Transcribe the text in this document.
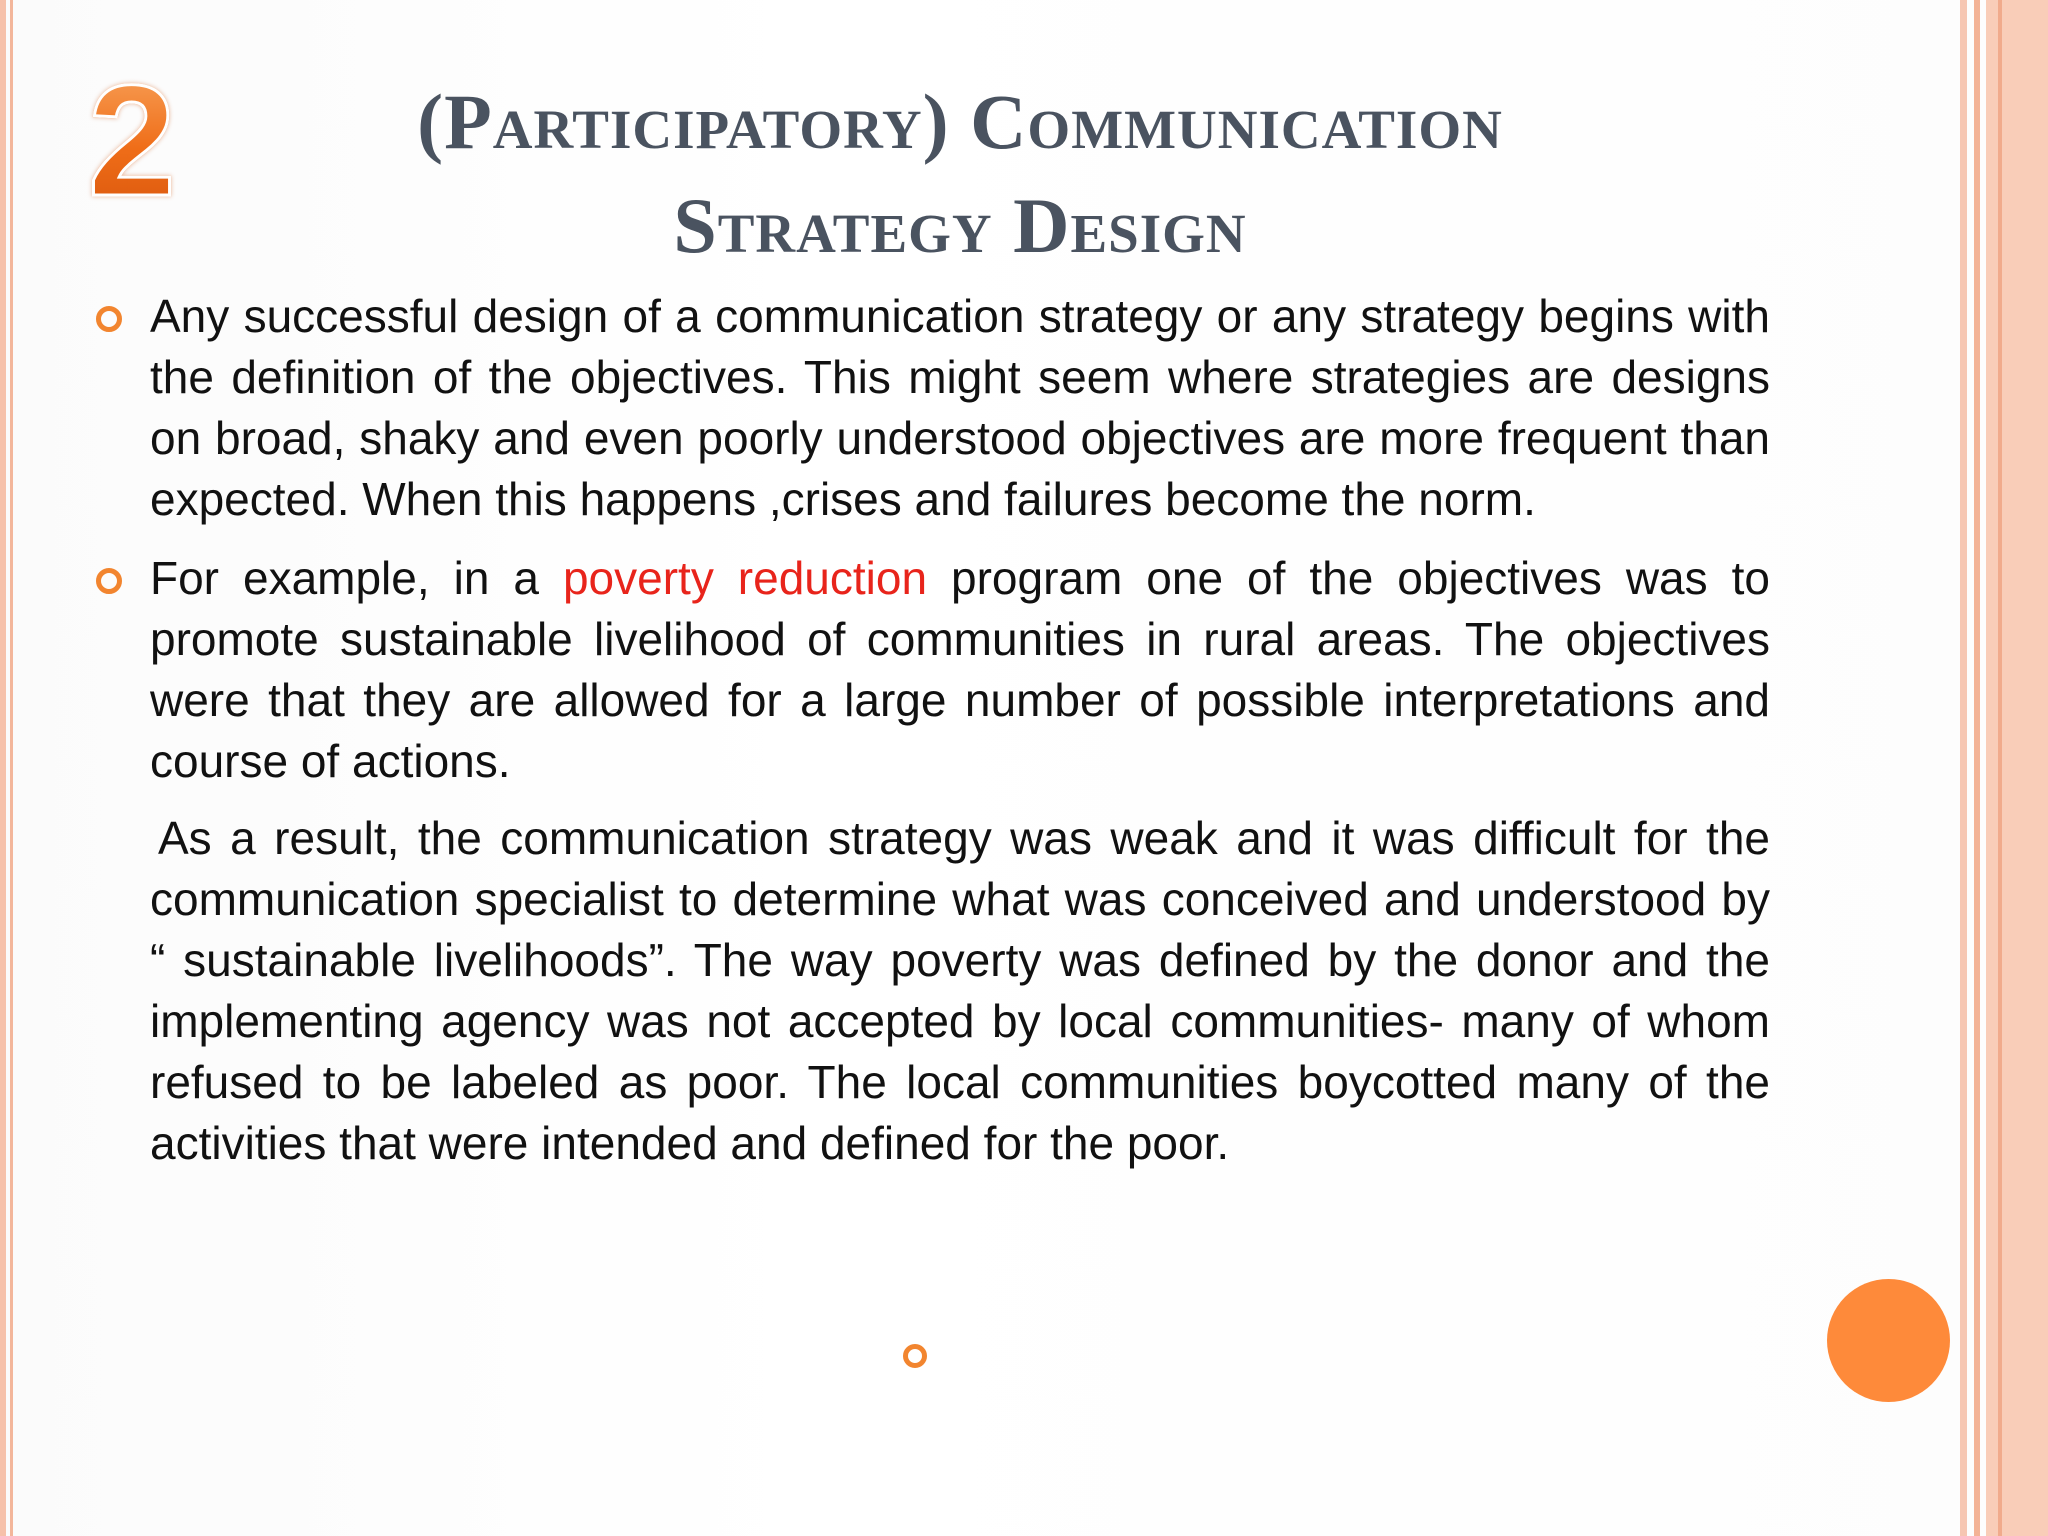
2	(Participatory) Communication
Strategy Design
Any successful design of a communication strategy or any strategy begins with the definition of the objectives. This might seem where strategies are designs on broad, shaky and even poorly understood objectives are more frequent than expected. When this happens ,crises and failures become the norm.
For example, in a poverty reduction program one of the objectives was to promote sustainable livelihood of communities in rural areas. The objectives were that they are allowed for a large number of possible interpretations and course of actions.
As a result, the communication strategy was weak and it was difficult for the communication specialist to determine what was conceived and understood by “ sustainable livelihoods”. The way poverty was defined by the donor and the implementing agency was not accepted by local communities- many of whom refused to be labeled as poor. The local communities boycotted many of the activities that were intended and defined for the poor.
